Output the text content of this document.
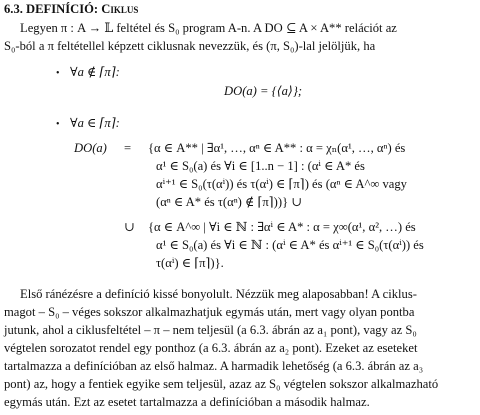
6.3. DEFINÍCIÓ: Ciklus
Legyen π : A → 𝕃 feltétel és S₀ program A-n. A DO ⊆ A × A** relációt az
S₀-ból a π feltétellel képzett ciklusnak nevezzük, és (π, S₀)-lal jelöljük, ha
• ∀a ∉ ⌈π⌉:
DO(a) = {⟨a⟩};
• ∀a ∈ ⌈π⌉:
DO(a) = {α ∈ A** | ∃α¹, …, αⁿ ∈ A** : α = χₙ(α¹, …, αⁿ) és
α¹ ∈ S₀(a) és ∀i ∈ [1..n − 1] : (αⁱ ∈ A* és
αⁱ⁺¹ ∈ S₀(τ(αⁱ)) és τ(αⁱ) ∈ ⌈π⌉) és (αⁿ ∈ A^∞ vagy
(αⁿ ∈ A* és τ(αⁿ) ∉ ⌈π⌉))} ∪
∪ {α ∈ A^∞ | ∀i ∈ ℕ : ∃αⁱ ∈ A* : α = χ∞(α¹, α², …) és
α¹ ∈ S₀(a) és ∀i ∈ ℕ : (αⁱ ∈ A* és αⁱ⁺¹ ∈ S₀(τ(αⁱ)) és
τ(αⁱ) ∈ ⌈π⌉)}.
Első ránézésre a definíció kissé bonyolult. Nézzük meg alaposabban! A ciklus-
magot – S₀ – véges sokszor alkalmazhatjuk egymás után, mert vagy olyan pontba
jutunk, ahol a ciklusfeltétel – π – nem teljesül (a 6.3. ábrán az a₁ pont), vagy az S₀
végtelen sorozatot rendel egy ponthoz (a 6.3. ábrán az a₂ pont). Ezeket az eseteket
tartalmazza a definícióban az első halmaz. A harmadik lehetőség (a 6.3. ábrán az a₃
pont) az, hogy a fentiek egyike sem teljesül, azaz az S₀ végtelen sokszor alkalmazható
egymás után. Ezt az esetet tartalmazza a definícióban a második halmaz.
